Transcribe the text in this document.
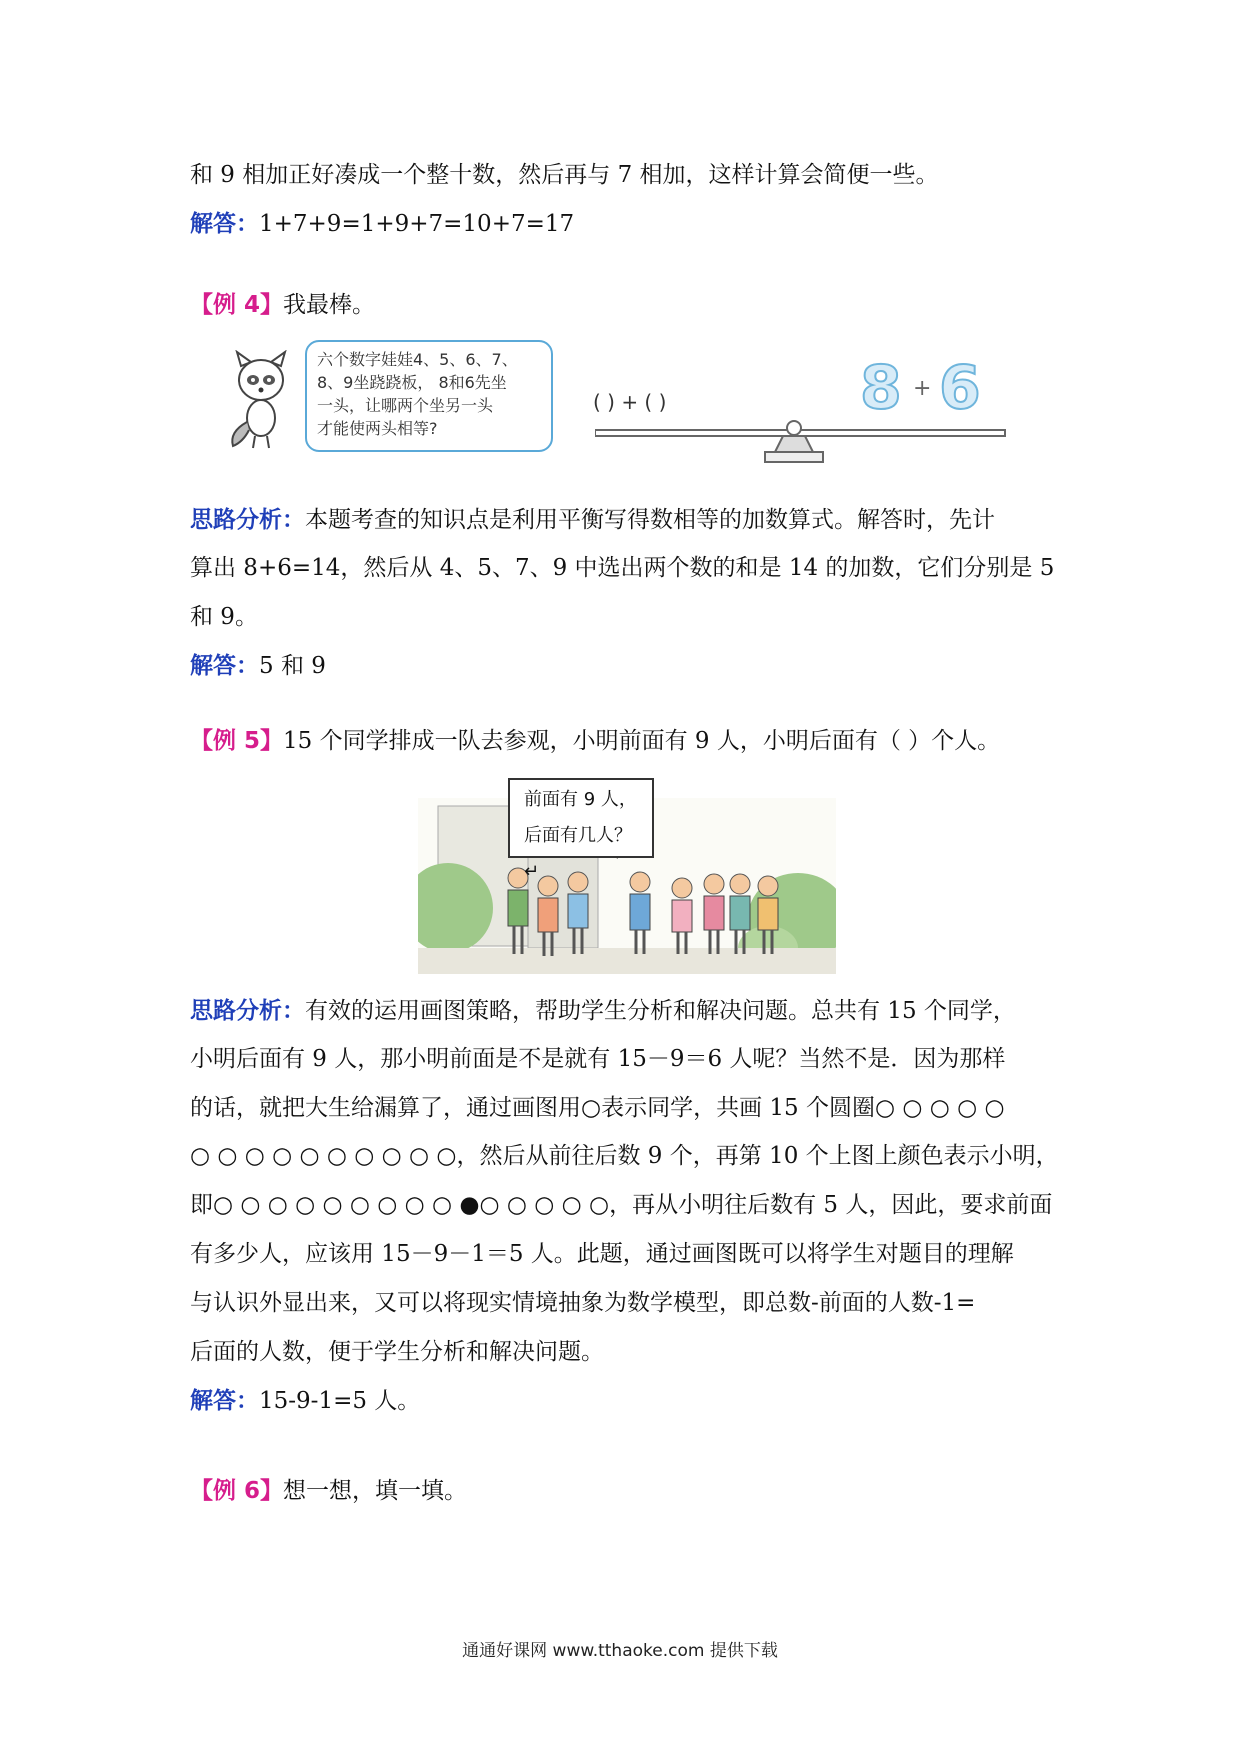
和 9 相加正好凑成一个整十数，然后再与 7 相加，这样计算会简便一些。
解答：1+7+9=1+9+7=10+7=17
【例 4】我最棒。
六个数字娃娃4、5、6、7、
8、9坐跷跷板， 8和6先坐
一头，让哪两个坐另一头
才能使两头相等?
( ) + ( )	8 + 6
思路分析：本题考查的知识点是利用平衡写得数相等的加数算式。解答时，先计
算出 8+6=14，然后从 4、5、7、9 中选出两个数的和是 14 的加数，它们分别是 5
和 9。
解答：5 和 9
【例 5】15 个同学排成一队去参观，小明前面有 9 人，小明后面有（ ）个人。
前面有 9 人，
后面有几人？↵
思路分析：有效的运用画图策略，帮助学生分析和解决问题。总共有 15 个同学，
小明后面有 9 人，那小明前面是不是就有 15－9＝6 人呢？当然不是．因为那样
的话，就把大生给漏算了，通过画图用○表示同学，共画 15 个圆圈○ ○ ○ ○ ○
○ ○ ○ ○ ○ ○ ○ ○ ○ ○，然后从前往后数 9 个，再第 10 个上图上颜色表示小明，
即○ ○ ○ ○ ○ ○ ○ ○ ○ ●○ ○ ○ ○ ○，再从小明往后数有 5 人，因此，要求前面
有多少人，应该用 15－9－1＝5 人。此题，通过画图既可以将学生对题目的理解
与认识外显出来，又可以将现实情境抽象为数学模型，即总数-前面的人数-1=
后面的人数，便于学生分析和解决问题。
解答：15-9-1=5 人。
【例 6】想一想，填一填。
通通好课网 www.tthaoke.com 提供下载
